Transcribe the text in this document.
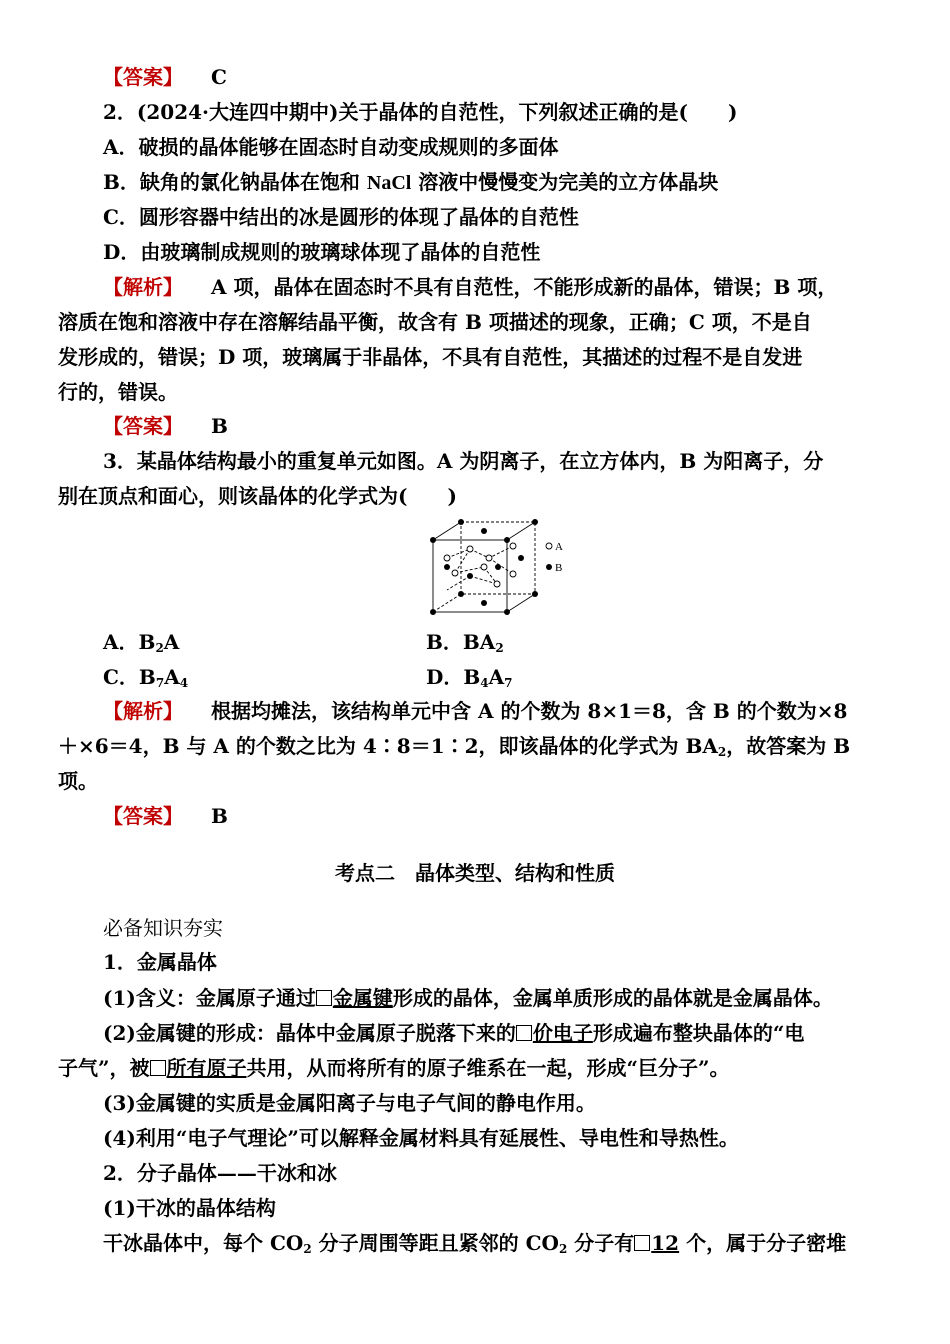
【答案】 C
2．(2024·大连四中期中)关于晶体的自范性，下列叙述正确的是(　　)
A．破损的晶体能够在固态时自动变成规则的多面体
B．缺角的氯化钠晶体在饱和 NaCl 溶液中慢慢变为完美的立方体晶块
C．圆形容器中结出的冰是圆形的体现了晶体的自范性
D．由玻璃制成规则的玻璃球体现了晶体的自范性
【解析】 A 项，晶体在固态时不具有自范性，不能形成新的晶体，错误；B 项，
溶质在饱和溶液中存在溶解结晶平衡，故含有 B 项描述的现象，正确；C 项，不是自
发形成的，错误；D 项，玻璃属于非晶体，不具有自范性，其描述的过程不是自发进
行的，错误。
【答案】 B
3．某晶体结构最小的重复单元如图。A 为阴离子，在立方体内，B 为阳离子，分
别在顶点和面心，则该晶体的化学式为(　　)
A
B
A．$B_2A$	B．$BA_2$
C．$B_7A_4$	D．$B_4A_7$
【解析】 根据均摊法，该结构单元中含 A 的个数为 8×1＝8，含 B 的个数为×8
＋×6＝4，B 与 A 的个数之比为 4∶8＝1∶2，即该晶体的化学式为 $BA_2$，故答案为 B
项。
【答案】 B
考点二　晶体类型、结构和性质
必备知识夯实
1．金属晶体
(1)含义：金属原子通过 金属键形成的晶体，金属单质形成的晶体就是金属晶体。
(2)金属键的形成：晶体中金属原子脱落下来的 价电子形成遍布整块晶体的“电
子气”，被 所有原子共用，从而将所有的原子维系在一起，形成“巨分子”。
(3)金属键的实质是金属阳离子与电子气间的静电作用。
(4)利用“电子气理论”可以解释金属材料具有延展性、导电性和导热性。
2．分子晶体——干冰和冰
(1)干冰的晶体结构
干冰晶体中，每个 $CO_2$ 分子周围等距且紧邻的 $CO_2$ 分子有 12 个，属于分子密堆
